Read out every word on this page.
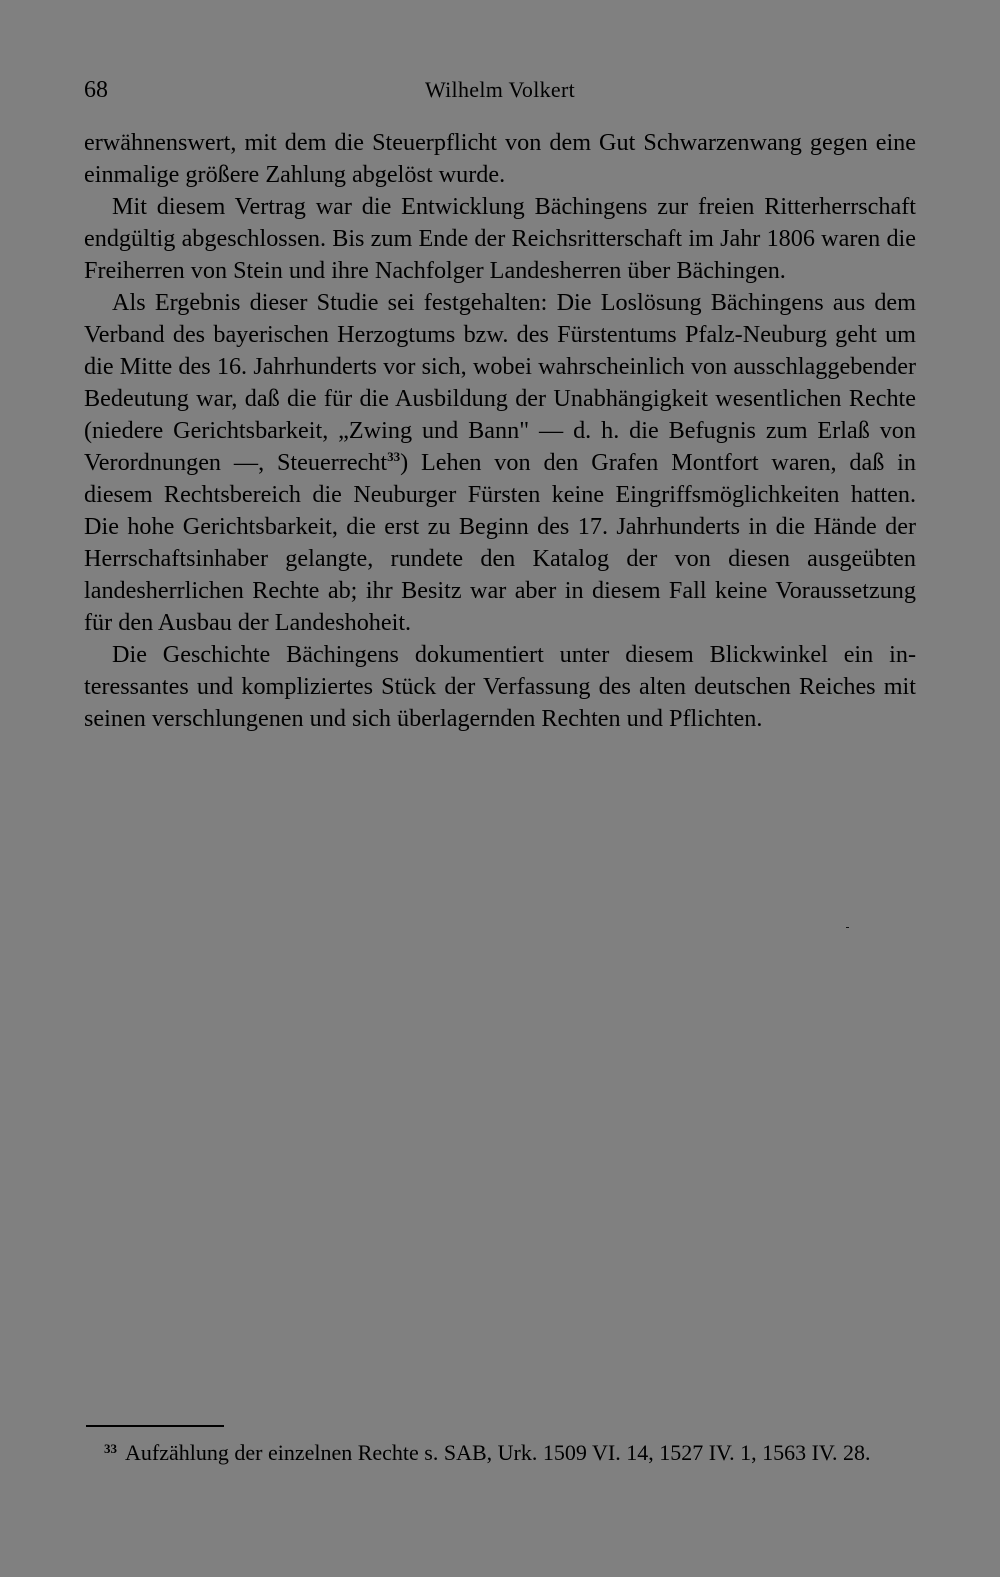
68	Wilhelm Volkert

erwähnenswert, mit dem die Steuerpflicht von dem Gut Schwarzenwang gegen eine einmalige größere Zahlung abgelöst wurde.

Mit diesem Vertrag war die Entwicklung Bächingens zur freien Ritterherrschaft endgültig abgeschlossen. Bis zum Ende der Reichsritterschaft im Jahr 1806 waren die Freiherren von Stein und ihre Nachfolger Landesherren über Bächingen.

Als Ergebnis dieser Studie sei festgehalten: Die Loslösung Bächingens aus dem Verband des bayerischen Herzogtums bzw. des Fürstentums Pfalz-Neuburg geht um die Mitte des 16. Jahrhunderts vor sich, wobei wahrscheinlich von ausschlaggebender Bedeutung war, daß die für die Ausbildung der Unabhängigkeit wesentlichen Rechte (niedere Gerichtsbarkeit, „Zwing und Bann" — d. h. die Befugnis zum Erlaß von Verordnungen —, Steuerrecht$^{33}$) Lehen von den Grafen Montfort waren, daß in diesem Rechtsbereich die Neuburger Fürsten keine Eingriffsmöglichkeiten hatten. Die hohe Gerichtsbarkeit, die erst zu Beginn des 17. Jahrhunderts in die Hände der Herrschaftsinhaber gelangte, rundete den Katalog der von diesen ausgeübten landesherrlichen Rechte ab; ihr Besitz war aber in diesem Fall keine Voraussetzung für den Ausbau der Landeshoheit.

Die Geschichte Bächingens dokumentiert unter diesem Blickwinkel ein interessantes und kompliziertes Stück der Verfassung des alten deutschen Reiches mit seinen verschlungenen und sich überlagernden Rechten und Pflichten.

$^{33}$ Aufzählung der einzelnen Rechte s. SAB, Urk. 1509 VI. 14, 1527 IV. 1, 1563 IV. 28.
